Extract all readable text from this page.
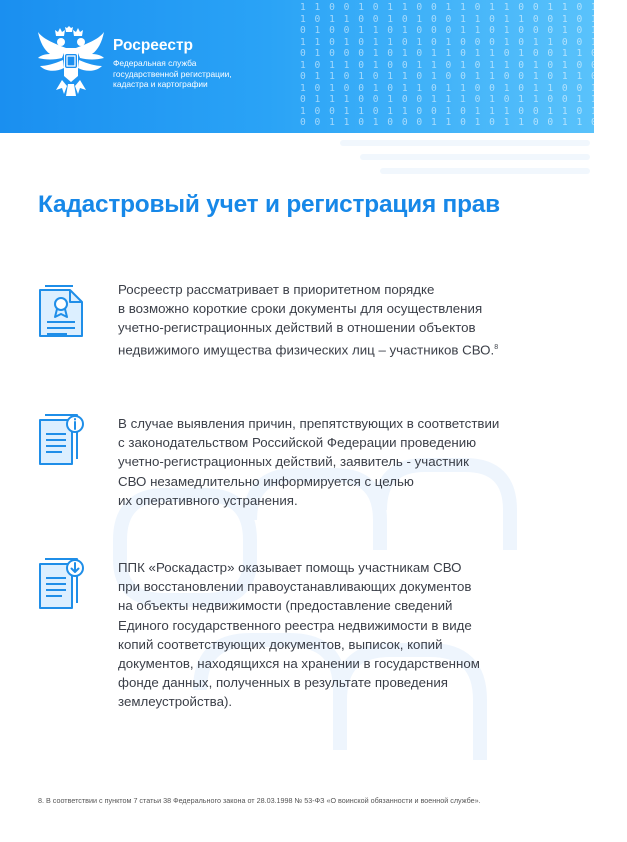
1 1 0 0 1 0 1 1 0 0 1 1 0 1 1 0 0 1 1 0 1 0 1
1 0 1 1 0 0 1 0 1 0 0 1 1 0 1 1 0 0 1 0 1 1 0
0 1 0 0 1 1 0 1 0 0 0 1 1 0 1 0 0 0 1 0 1 0 1
1 1 0 1 0 1 1 0 1 0 1 0 0 0 1 0 1 1 0 0 1 0 1
0 1 0 0 0 1 0 1 0 1 1 0 1 1 0 1 0 0 1 1 0 1 1
1 0 1 1 0 1 0 0 1 1 0 1 0 1 1 0 1 0 1 0 0 1 0
0 1 1 0 1 0 1 1 0 1 0 0 1 1 0 0 1 0 1 1 0 0 1
1 0 1 0 0 1 0 1 1 0 1 1 0 0 1 0 1 1 0 0 1 0 1
0 1 1 1 0 0 1 0 0 1 1 1 0 1 0 1 1 0 0 1 1 0 0
1 0 0 1 1 0 1 1 0 0 1 0 1 1 1 0 0 1 1 0 1 1 0
0 0 1 1 0 1 0 0 0 1 1 0 1 0 1 1 0 0 1 1 0 1 1
Росреестр
Федеральная служба
государственной регистрации,
кадастра и картографии
Кадастровый учет и регистрация прав
Росреестр рассматривает в приоритетном порядке
в возможно короткие сроки документы для осуществления
учетно-регистрационных действий в отношении объектов
недвижимого имущества физических лиц – участников СВО.$^8$
В случае выявления причин, препятствующих в соответствии
с законодательством Российской Федерации проведению
учетно-регистрационных действий, заявитель - участник
СВО незамедлительно информируется с целью
их оперативного устранения.
ППК «Роскадастр» оказывает помощь участникам СВО
при восстановлении правоустанавливающих документов
на объекты недвижимости (предоставление сведений
Единого государственного реестра недвижимости в виде
копий соответствующих документов, выписок, копий
документов, находящихся на хранении в государственном
фонде данных, полученных в результате проведения
землеустройства).
8. В соответствии с пунктом 7 статьи 38 Федерального закона от 28.03.1998 № 53-ФЗ «О воинской обязанности и военной службе».
